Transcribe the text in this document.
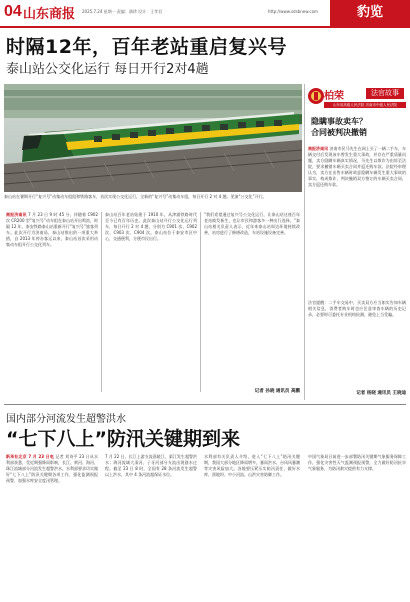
04 山东商报 2025.7.24 星期一 责编：满珍 设计：王孝君	http://www.sdsbnew.com	豹览
时隔12年，百年老站重启复兴号
泰山站公交化运行 每日开行2对4趟
泰山站在暑期开行“复兴号”动集动车组组和铁路客车，首次实现公交化运行，全新的“复兴号”动集动车组，每日开行 2 对 4 趟。见演“公交化”开行。
商报济南讯 7 月 23 日 9 时 45 分，伴随着 C902 次 CR200 型“复兴号”动车组在泰山站开出鸣笛，时隔 12 年，泰安铁路泰山站重新开行“复兴号”旅客列车。此次开行为济南局、泰山站推出的一项重大举措，自 2013 年停办客运以来，泰山站首次采用动集动车组开行公交化列车。
泰山站百年老站始建于 1910 年，从津浦铁路时代至今已有百年历史。此次泰山站开行公交化运行列车，每日开行 2 对 4 趟，分别为 C901 次、C902 次、C903 次、C904 次。泰山站位于泰安市区中心，交通便利，方便市民出行。
“我们希望通过复兴号公交化运行，让泰山站这座百年老站焕发新生，也让市民和游客多一种出行选择。”泰山站相关负责人表示，近年来泰山站周边环境持续改善，站房进行了修缮改造，车站设施设备完善。
记者 孙晓 通讯员 高鹏
柏荣	法官故事
山东省高级人民法院 济南市中级人民法院
隐瞒事故卖车？
合同被判决撤销
商报济南讯 济南市民马先生在网上买了一辆二手车，车辆交付后发现该车曾发生重大事故，并存在严重质量问题，卖方隐瞒车辆真实情况，马先生以欺诈为由诉至法院，要求撤销车辆买卖合同并返还购车款。法院经审理认为，卖方在出售车辆时故意隐瞒车辆发生重大事故的事实，构成欺诈，判决撤销双方签订的车辆买卖合同，卖方返还购车款。
法官提醒：二手车交易中，买卖双方应当如实告知车辆相关信息，消费者购车时也应注意审查车辆的历史记录，必要时可委托专业机构检测，避免上当受骗。
记者 杨晓 通讯员 王晓迪
国内部分河流发生超警洪水
“七下八上”防汛关键期到来
新华社北京 7 月 23 日电 记者 刘诗平 23 日从水利部获悉，受近期强降雨影响，长江、黄河、海河、珠江流域部分河流发生超警洪水。水利部要求切实做好“七下八上”防汛关键期各项工作，强化监测预报预警，加强水库安全度汛管理。
7 月 22 日，长江上游支流嘉陵江、渠江发生超警洪水；海河流域大清河、子牙河部分支流出现涨水过程。截至 23 日 8 时，全国有 28 条河流发生超警以上洪水，其中 4 条河流超保证水位。
水利部有关负责人介绍，进入“七下八上”防汛关键期，我国大部分地区降雨增多，暴雨洪水、台风风暴潮等灾害风险加大。各地要压紧压实防汛责任，做好水库、淤地坝、中小河流、山洪灾害防御工作。
中国气象局日前进一步部署防汛关键期气象服务保障工作，强化灾害性天气监测预报预警，全力做好防汛抗旱气象服务，为防汛救灾提供有力支撑。
